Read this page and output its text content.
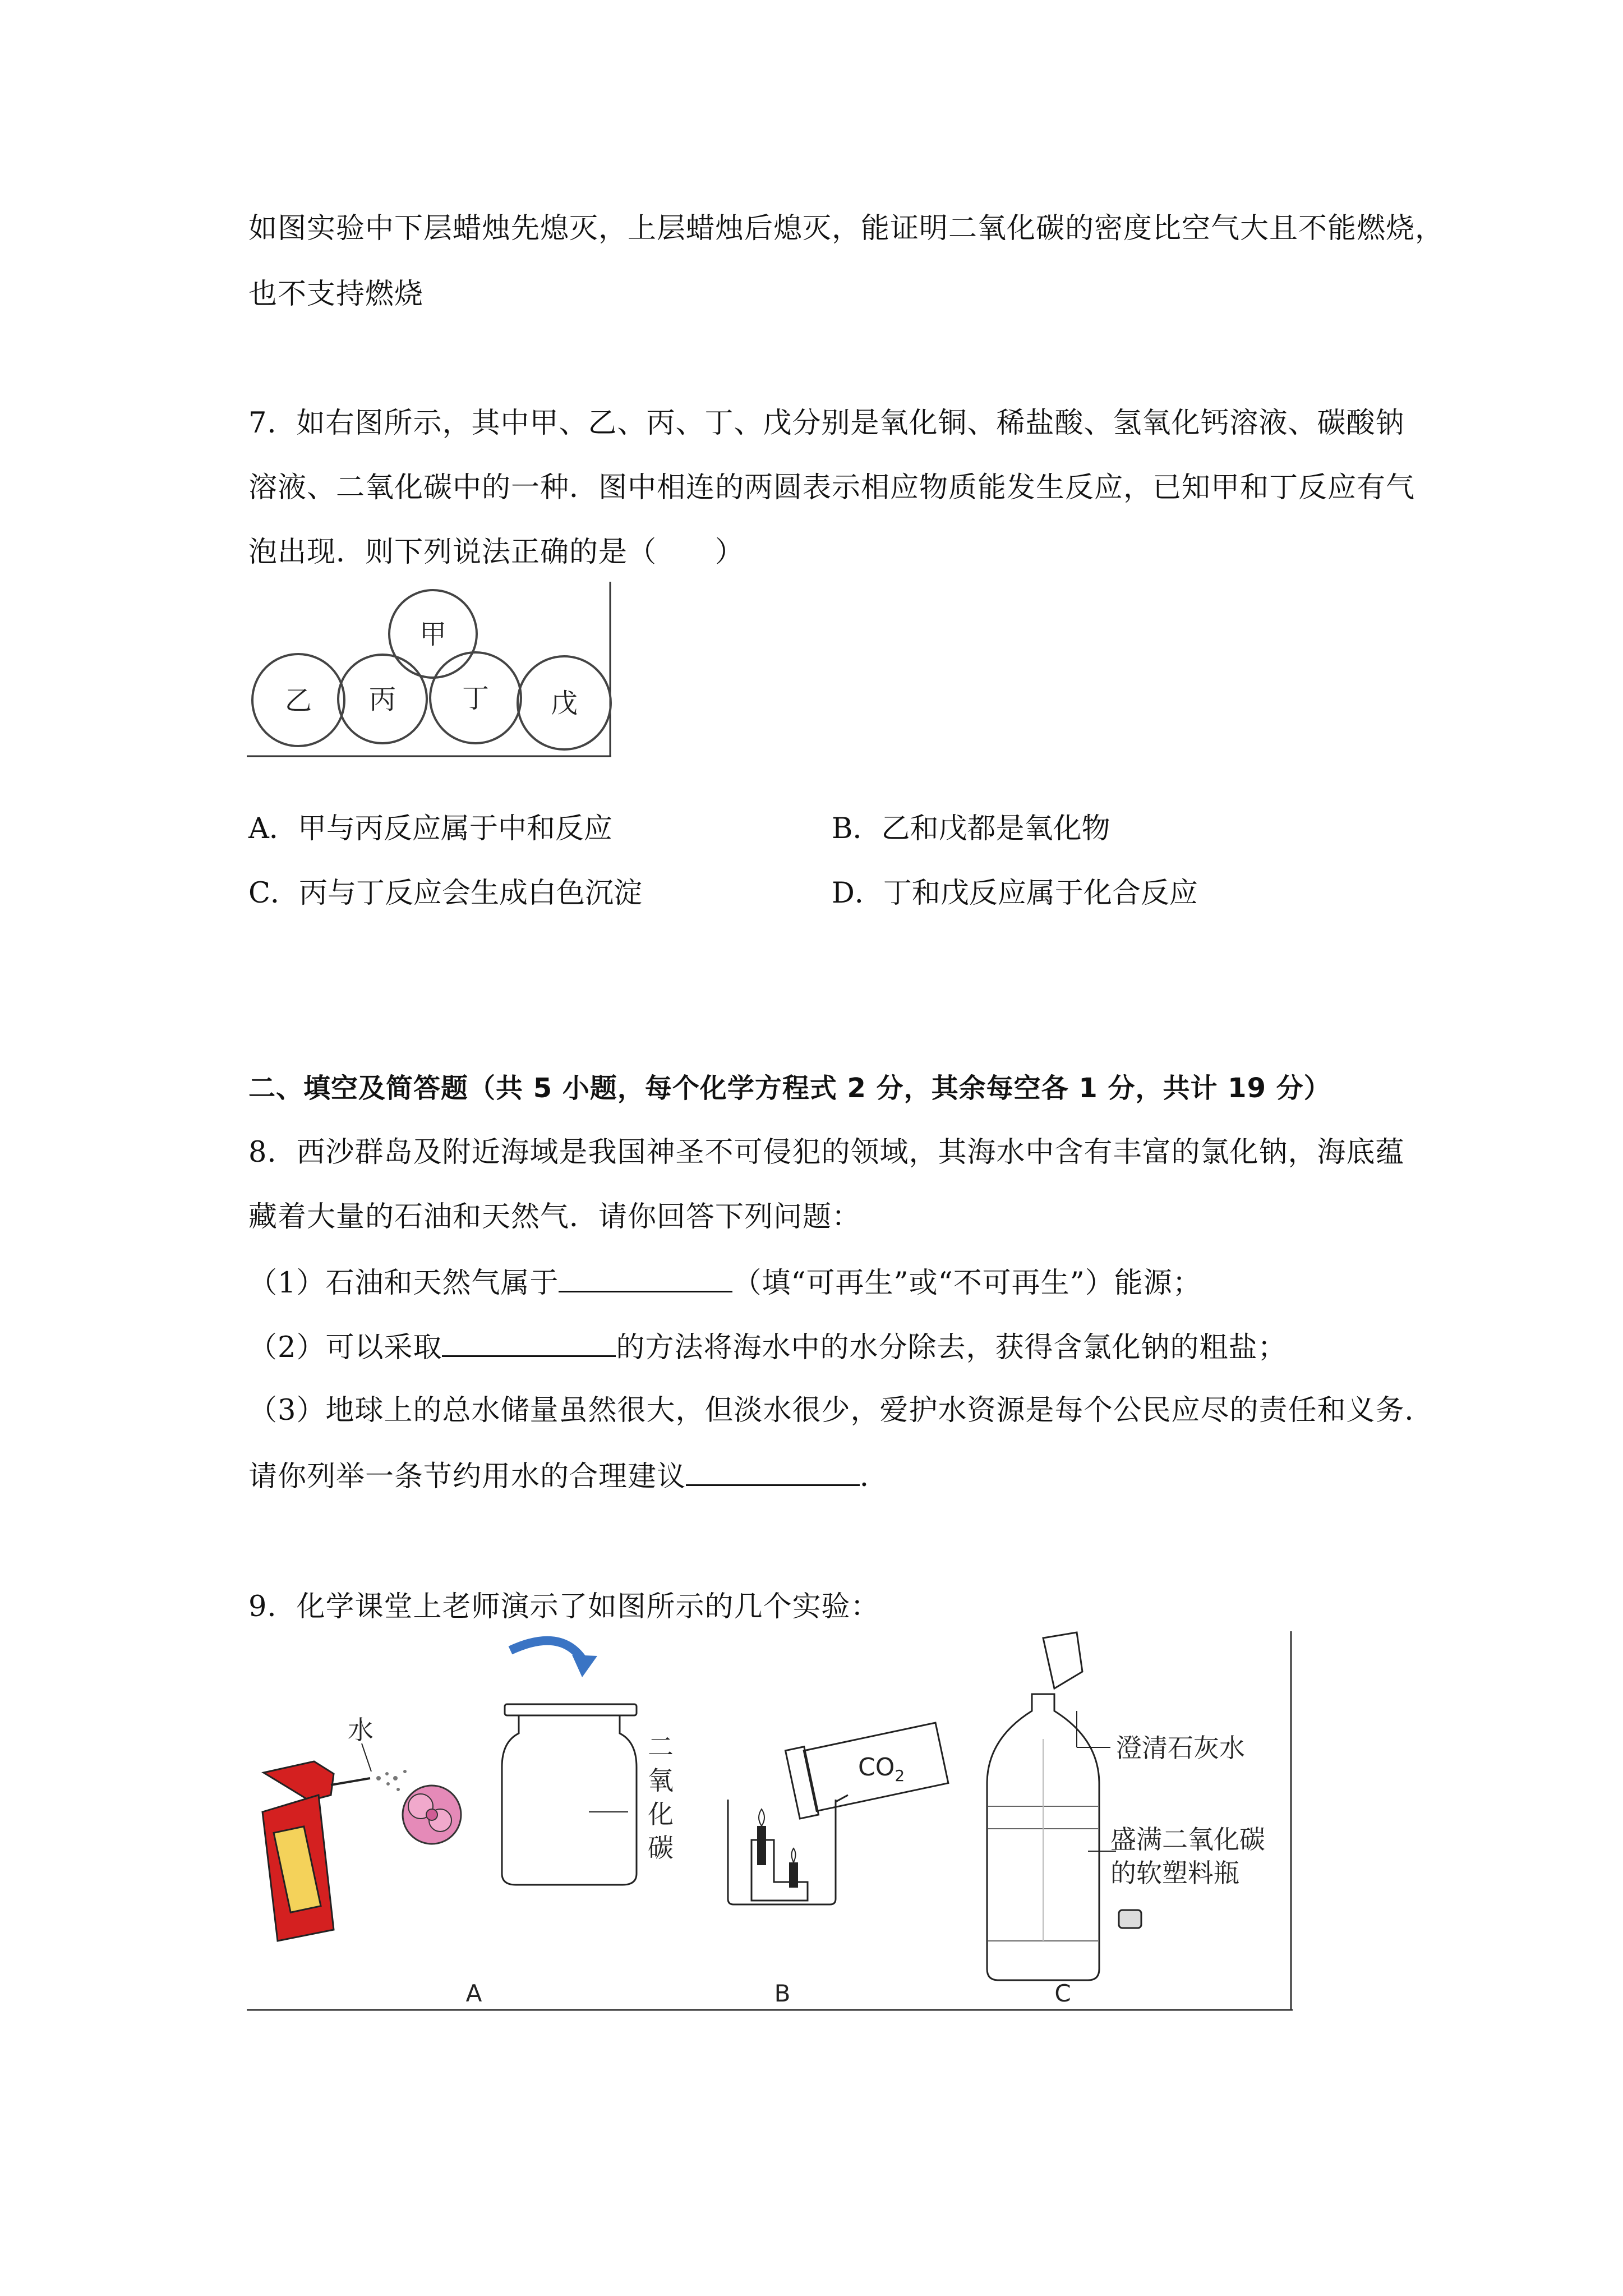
如图实验中下层蜡烛先熄灭，上层蜡烛后熄灭，能证明二氧化碳的密度比空气大且不能燃烧，
也不支持燃烧
7．如右图所示，其中甲、乙、丙、丁、戊分别是氧化铜、稀盐酸、氢氧化钙溶液、碳酸钠
溶液、二氧化碳中的一种．图中相连的两圆表示相应物质能发生反应，已知甲和丁反应有气
泡出现．则下列说法正确的是（　　）
甲
乙 丙 丁 戊
A．甲与丙反应属于中和反应	B．乙和戊都是氧化物
C．丙与丁反应会生成白色沉淀	D．丁和戊反应属于化合反应
二、填空及简答题（共 5 小题，每个化学方程式 2 分，其余每空各 1 分，共计 19 分）
8．西沙群岛及附近海域是我国神圣不可侵犯的领域，其海水中含有丰富的氯化钠，海底蕴
藏着大量的石油和天然气．请你回答下列问题：
（1）石油和天然气属于	（填“可再生”或“不可再生”）能源；
（2）可以采取	的方法将海水中的水分除去，获得含氯化钠的粗盐；
（3）地球上的总水储量虽然很大，但淡水很少，爱护水资源是每个公民应尽的责任和义务．
请你列举一条节约用水的合理建议	．
9．化学课堂上老师演示了如图所示的几个实验：
水
二
氧
化
碳
$CO_2$
澄清石灰水
盛满二氧化碳
的软塑料瓶
A	B	C
